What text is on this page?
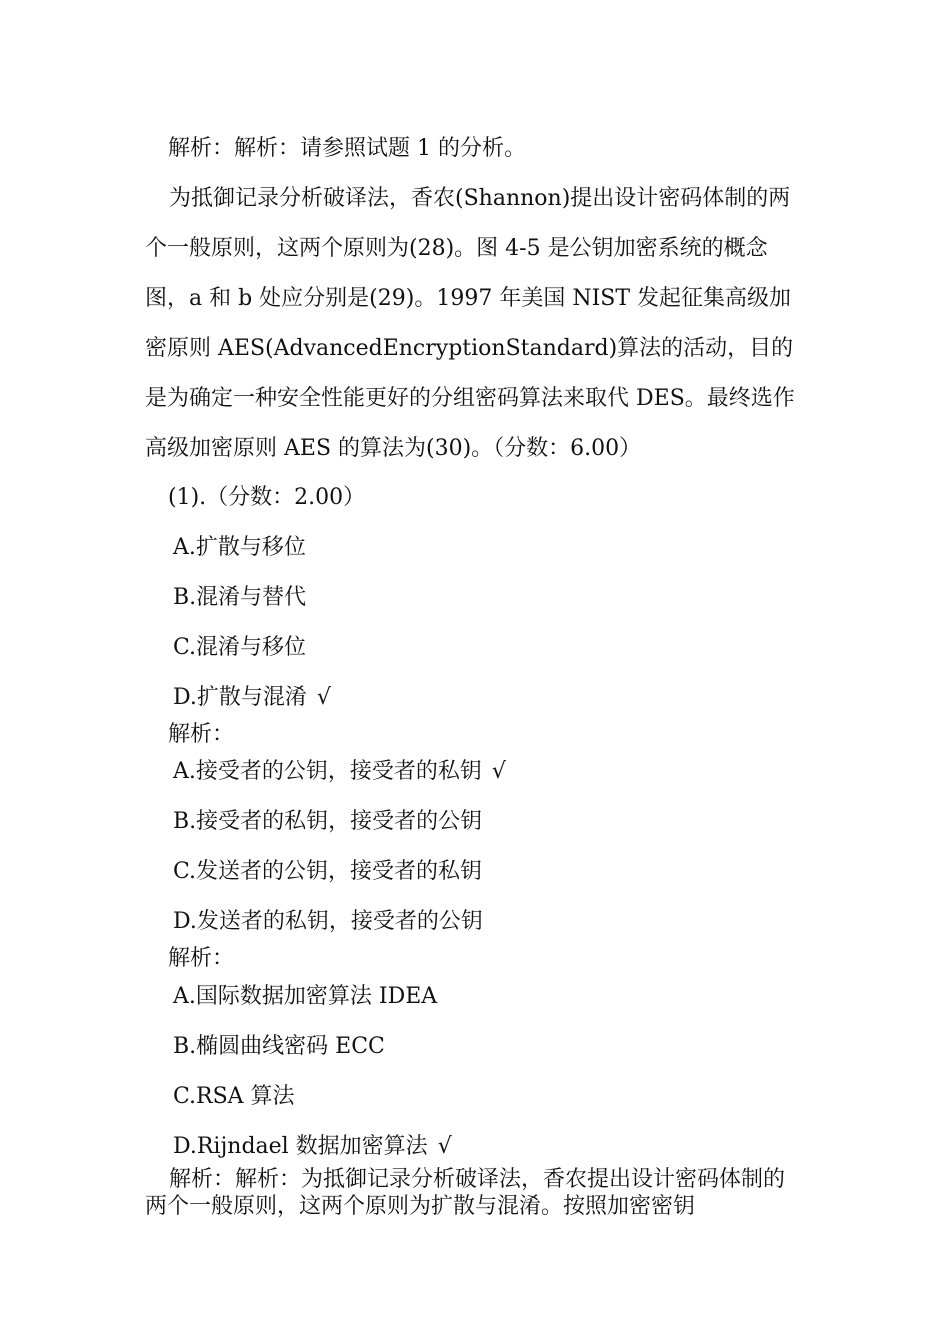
解析：解析：请参照试题 1 的分析。
为抵御记录分析破译法，香农(Shannon)提出设计密码体制的两个一般原则，这两个原则为(28)。图 4-5 是公钥加密系统的概念图，a 和 b 处应分别是(29)。1997 年美国 NIST 发起征集高级加密原则 AES(AdvancedEncryptionStandard)算法的活动，目的是为确定一种安全性能更好的分组密码算法来取代 DES。最终选作高级加密原则 AES 的算法为(30)。（分数：6.00）
(1).（分数：2.00）
A.扩散与移位
B.混淆与替代
C.混淆与移位
D.扩散与混淆 √
解析：
A.接受者的公钥，接受者的私钥 √
B.接受者的私钥，接受者的公钥
C.发送者的公钥，接受者的私钥
D.发送者的私钥，接受者的公钥
解析：
A.国际数据加密算法 IDEA
B.椭圆曲线密码 ECC
C.RSA 算法
D.Rijndael 数据加密算法 √
解析：解析：为抵御记录分析破译法，香农提出设计密码体制的两个一般原则，这两个原则为扩散与混淆。按照加密密钥
